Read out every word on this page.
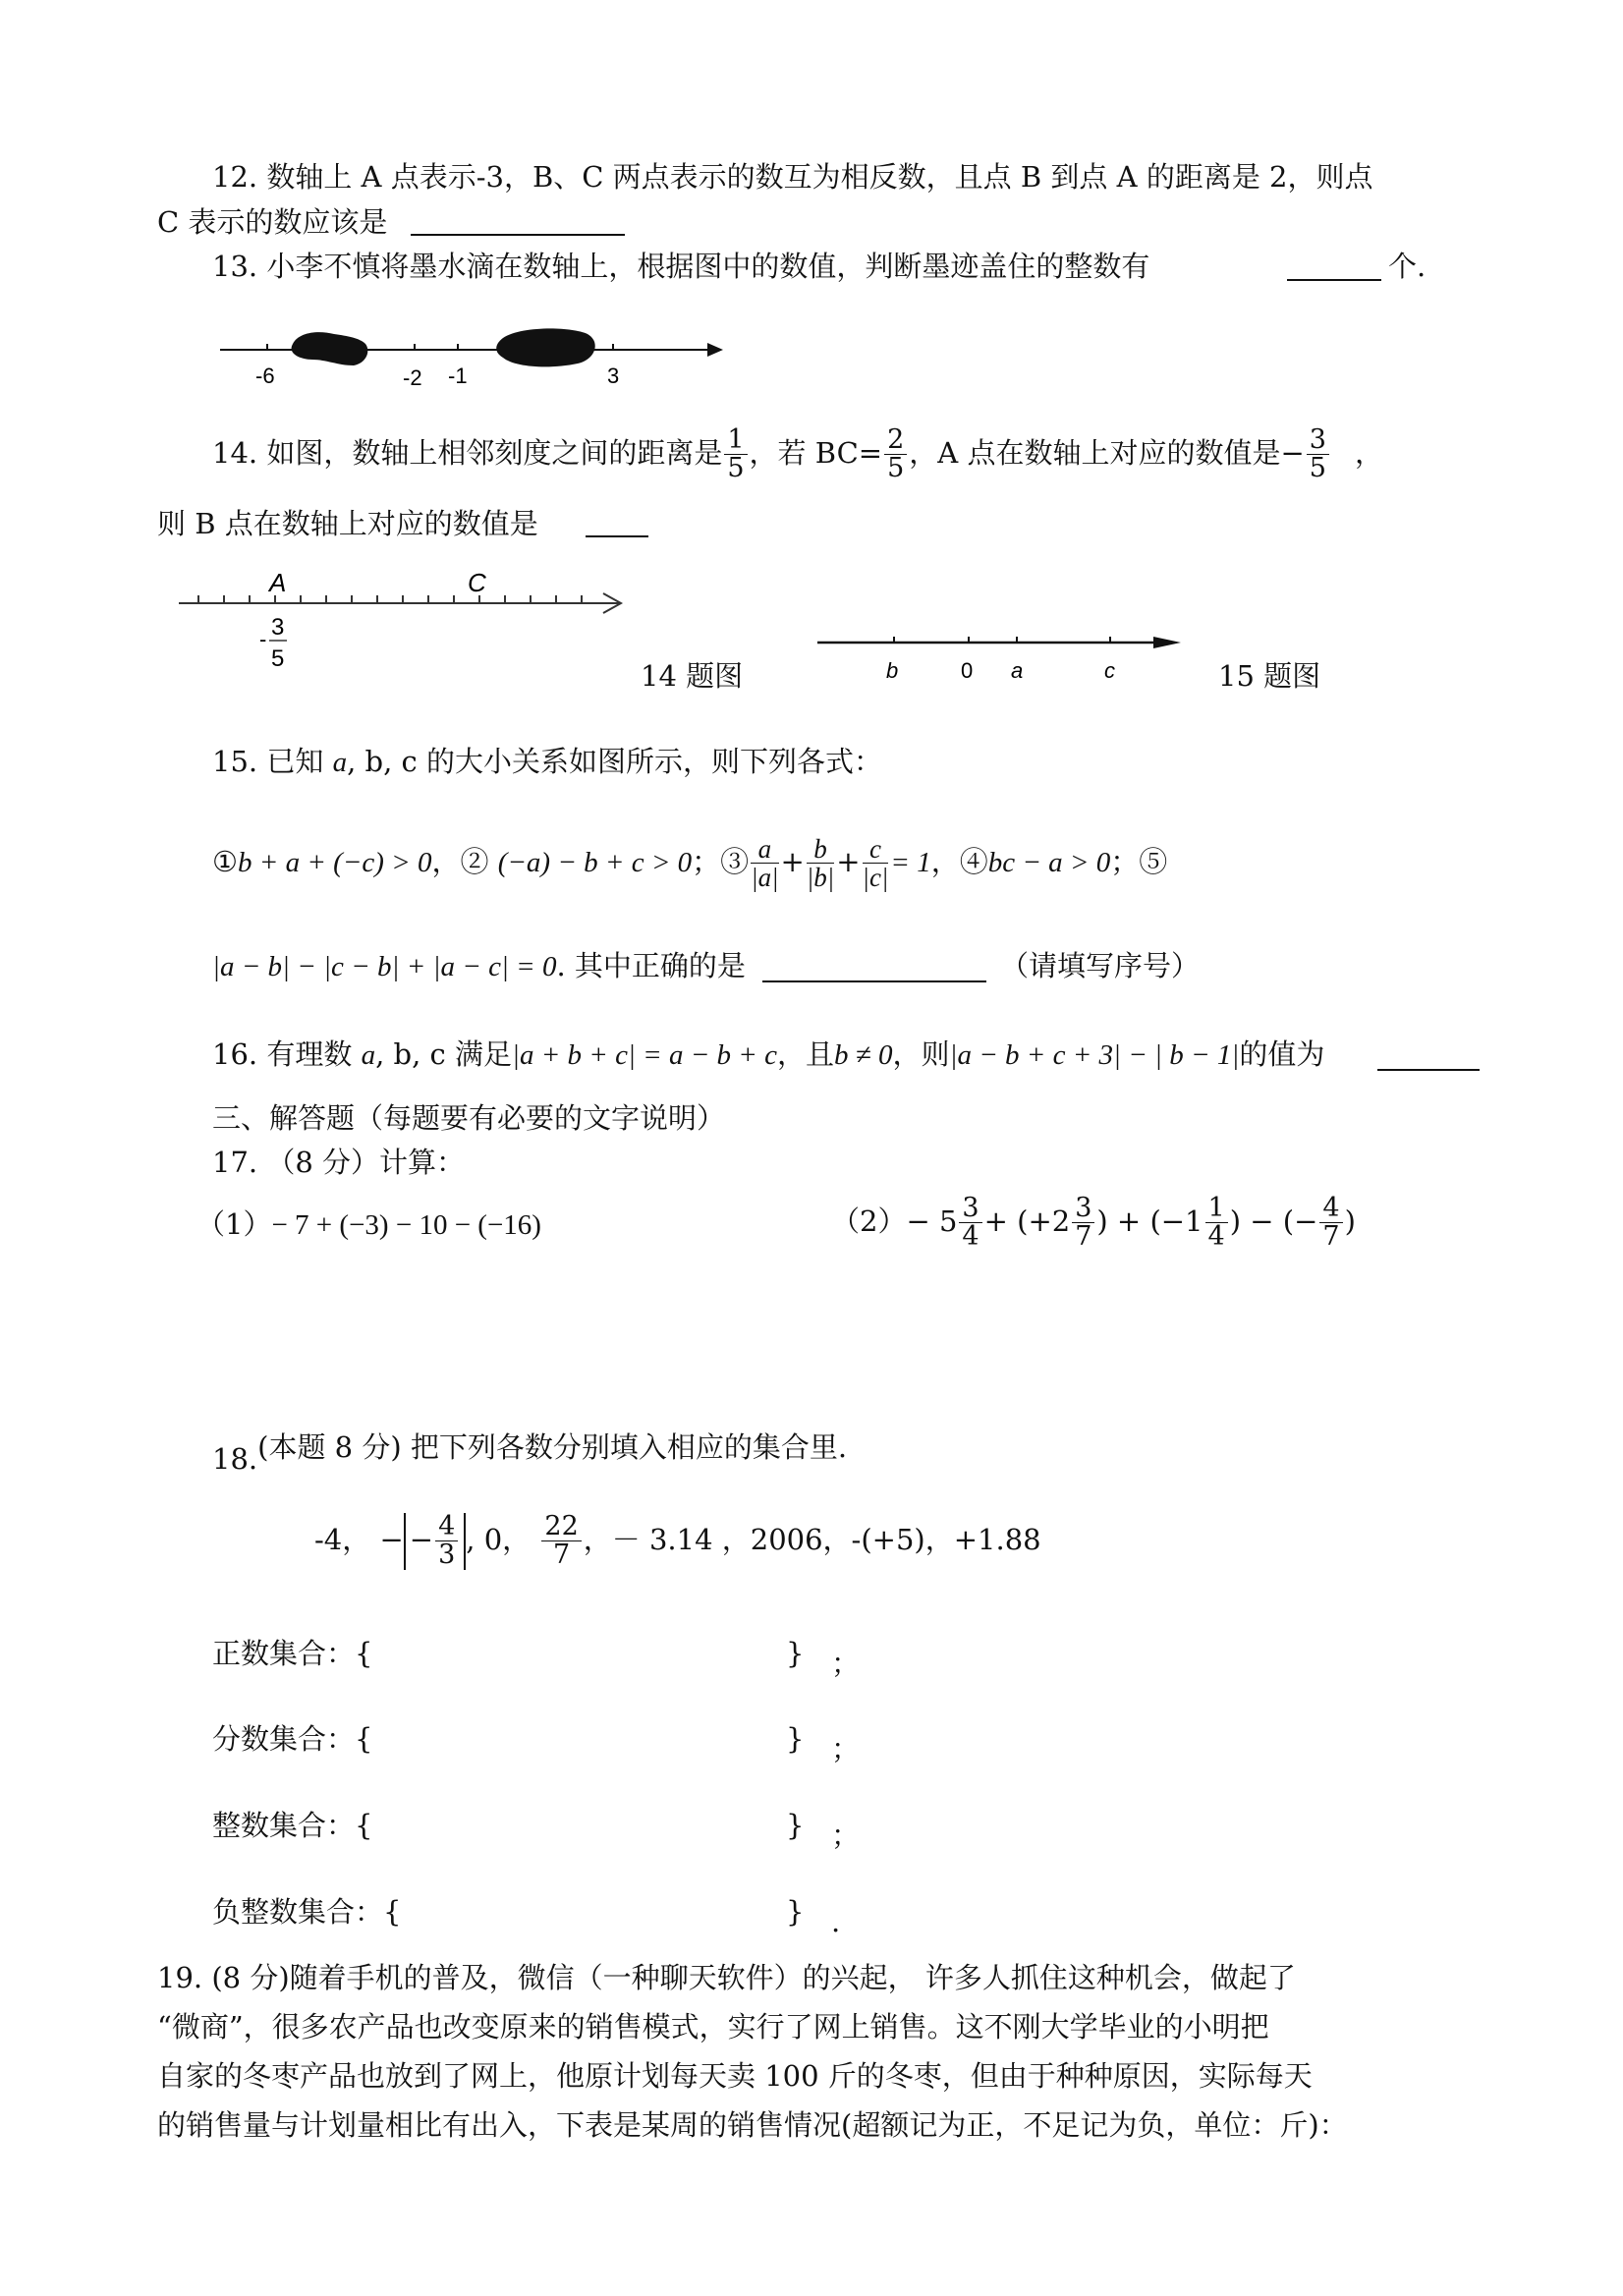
12. 数轴上 A 点表示-3，B、C 两点表示的数互为相反数，且点 B 到点 A 的距离是 2，则点
C 表示的数应该是
13. 小李不慎将墨水滴在数轴上，根据图中的数值，判断墨迹盖住的整数有	个.
-6	-2 -1	3
14. 如图，数轴上相邻刻度之间的距离是 $\frac{1}{5}$ ，若 $BC= \frac{2}{5}$ ，A 点在数轴上对应的数值是− $\frac{3}{5}$ ，
则 B 点在数轴上对应的数值是
A	C
- 3
5
14 题图	b	0 a	c	15 题图
15. 已知 a, b, c 的大小关系如图所示，则下列各式：
①b + a + (−c) > 0，② (−a) − b + c > 0；③ $\frac{a}{|a|} + \frac{b}{|b|} + \frac{c}{|c|} = 1$，④bc − a > 0；⑤
|a − b| − |c − b| + |a − c| = 0. 其中正确的是	（请填写序号）
16. 有理数 a, b, c 满足|a + b + c| = a − b + c，且b ≠ 0，则|a − b + c + 3| − | b − 1|的值为
三、解答题（每题要有必要的文字说明）
17. （8 分）计算：
（1）− 7 + (−3) − 10 − (−16)	$(2)- 5 \frac{3}{4} + (+2 \frac{3}{7}$ ) + ($-1 \frac{1}{4}$ ) − (− $\frac{4}{7}$ )
18.(本题 8 分) 把下列各数分别填入相应的集合里.
-4， − − $\frac{4}{3}$ , 0， $\frac{22}{7}$ ，－ 3.14 ，2006，-(+5)，+1.88
正数集合：{	} ；
分数集合：{	} ；
整数集合：{	} ；
负整数集合：{	} .
19. (8 分)随着手机的普及，微信（一种聊天软件）的兴起， 许多人抓住这种机会，做起了
“微商”，很多农产品也改变原来的销售模式，实行了网上销售。这不刚大学毕业的小明把
自家的冬枣产品也放到了网上，他原计划每天卖 100 斤的冬枣，但由于种种原因，实际每天
的销售量与计划量相比有出入，下表是某周的销售情况(超额记为正，不足记为负，单位：斤)：
